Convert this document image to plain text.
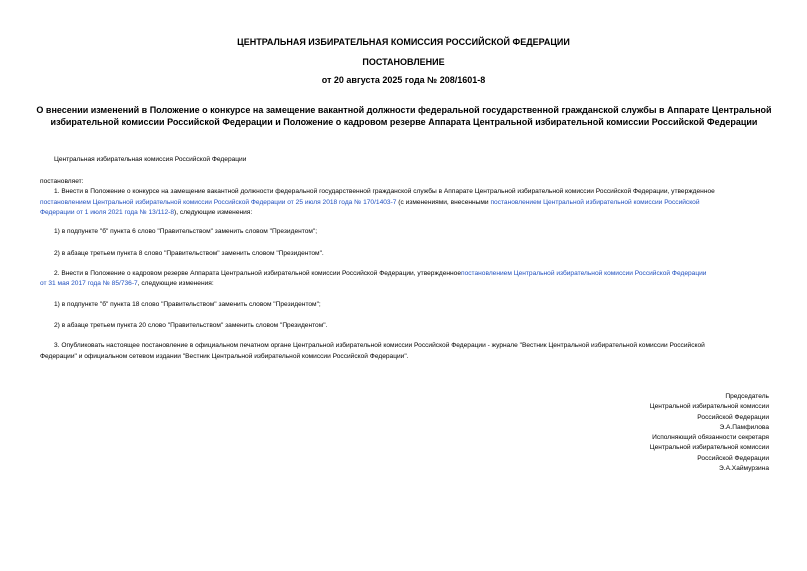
ЦЕНТРАЛЬНАЯ ИЗБИРАТЕЛЬНАЯ КОМИССИЯ РОССИЙСКОЙ ФЕДЕРАЦИИ
ПОСТАНОВЛЕНИЕ
от 20 августа 2025 года № 208/1601-8
О внесении изменений в Положение о конкурсе на замещение вакантной должности федеральной государственной гражданской службы в Аппарате Центральной избирательной комиссии Российской Федерации и Положение о кадровом резерве Аппарата Центральной избирательной комиссии Российской Федерации
Центральная избирательная комиссия Российской Федерации
постановляет:
1. Внести в Положение о конкурсе на замещение вакантной должности федеральной государственной гражданской службы в Аппарате Центральной избирательной комиссии Российской Федерации, утвержденное
постановлением Центральной избирательной комиссии Российской Федерации от 25 июля 2018 года № 170/1403-7 (с изменениями, внесенными постановлением Центральной избирательной комиссии Российской
Федерации от 1 июля 2021 года № 13/112-8), следующие изменения:
1) в подпункте "б" пункта 6 слово "Правительством" заменить словом "Президентом";
2) в абзаце третьем пункта 8 слово "Правительством" заменить словом "Президентом".
2. Внести в Положение о кадровом резерве Аппарата Центральной избирательной комиссии Российской Федерации, утвержденноепостановлением Центральной избирательной комиссии Российской Федерации
от 31 мая 2017 года № 85/736-7, следующие изменения:
1) в подпункте "б" пункта 18 слово "Правительством" заменить словом "Президентом";
2) в абзаце третьем пункта 20 слово "Правительством" заменить словом "Президентом".
3. Опубликовать настоящее постановление в официальном печатном органе Центральной избирательной комиссии Российской Федерации - журнале "Вестник Центральной избирательной комиссии Российской
Федерации" и официальном сетевом издании "Вестник Центральной избирательной комиссии Российской Федерации".
Председатель
Центральной избирательной комиссии
Российской Федерации
Э.А.Памфилова
Исполняющий обязанности секретаря
Центральной избирательной комиссии
Российской Федерации
Э.А.Хаймурзина
